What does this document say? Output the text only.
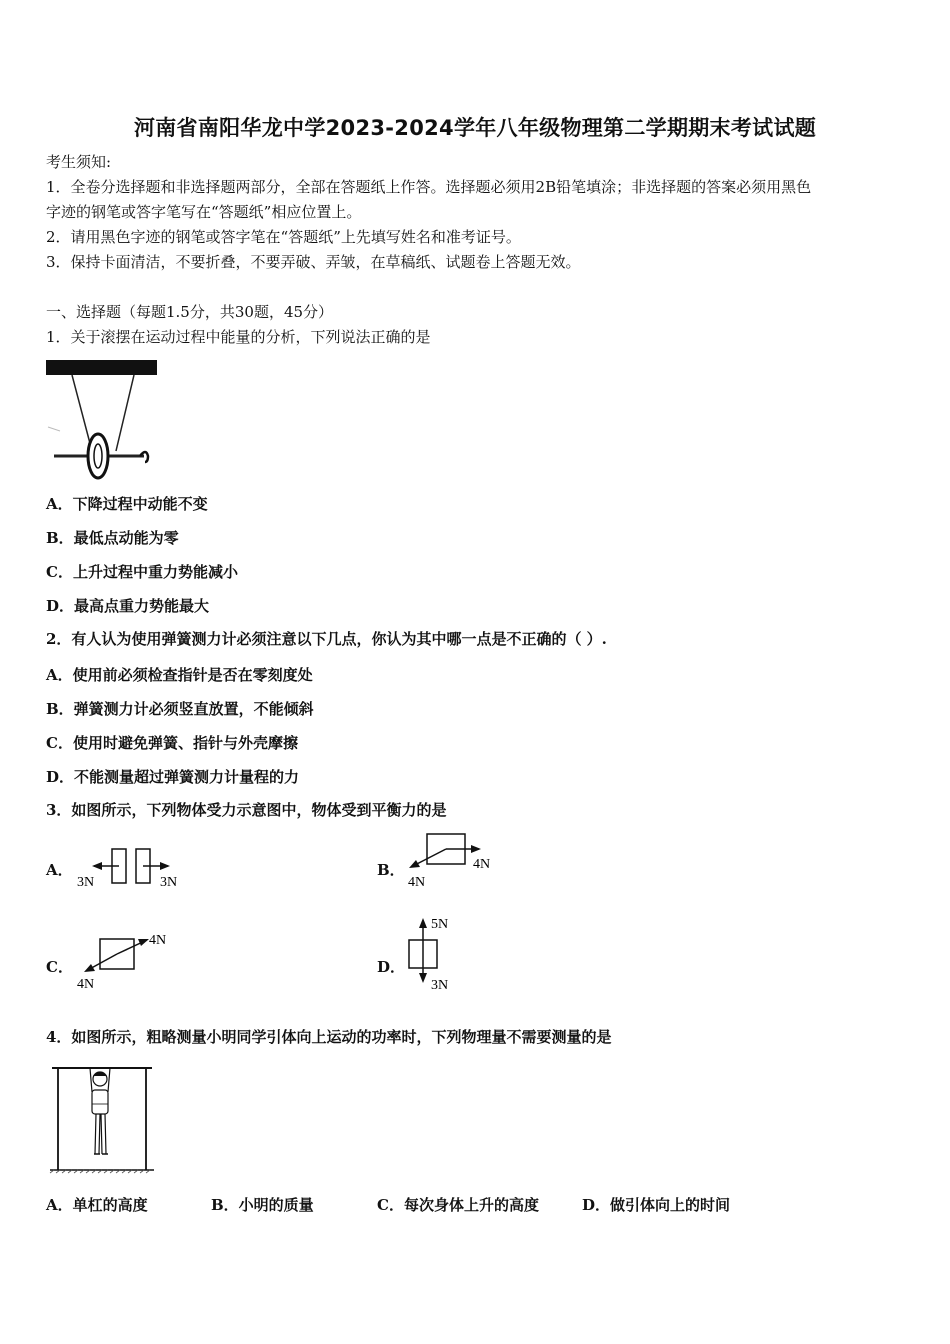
河南省南阳华龙中学2023-2024学年八年级物理第二学期期末考试试题
考生须知:
1．全卷分选择题和非选择题两部分，全部在答题纸上作答。选择题必须用2B铅笔填涂；非选择题的答案必须用黑色
字迹的钢笔或答字笔写在“答题纸”相应位置上。
2．请用黑色字迹的钢笔或答字笔在“答题纸”上先填写姓名和准考证号。
3．保持卡面清洁，不要折叠，不要弄破、弄皱，在草稿纸、试题卷上答题无效。
一、选择题（每题1.5分，共30题，45分）
1．关于滚摆在运动过程中能量的分析，下列说法正确的是
A．下降过程中动能不变
B．最低点动能为零
C．上升过程中重力势能减小
D．最高点重力势能最大
2．有人认为使用弹簧测力计必须注意以下几点，你认为其中哪一点是不正确的（ ）.
A．使用前必须检查指针是否在零刻度处
B．弹簧测力计必须竖直放置，不能倾斜
C．使用时避免弹簧、指针与外壳摩擦
D．不能测量超过弹簧测力计量程的力
3．如图所示，下列物体受力示意图中，物体受到平衡力的是
A．
3N	3N
B．	4N
4N
C．
4N
4N
D．
5N
3N
4．如图所示，粗略测量小明同学引体向上运动的功率时，下列物理量不需要测量的是
A．单杠的高度	B．小明的质量	C．每次身体上升的高度	D．做引体向上的时间
